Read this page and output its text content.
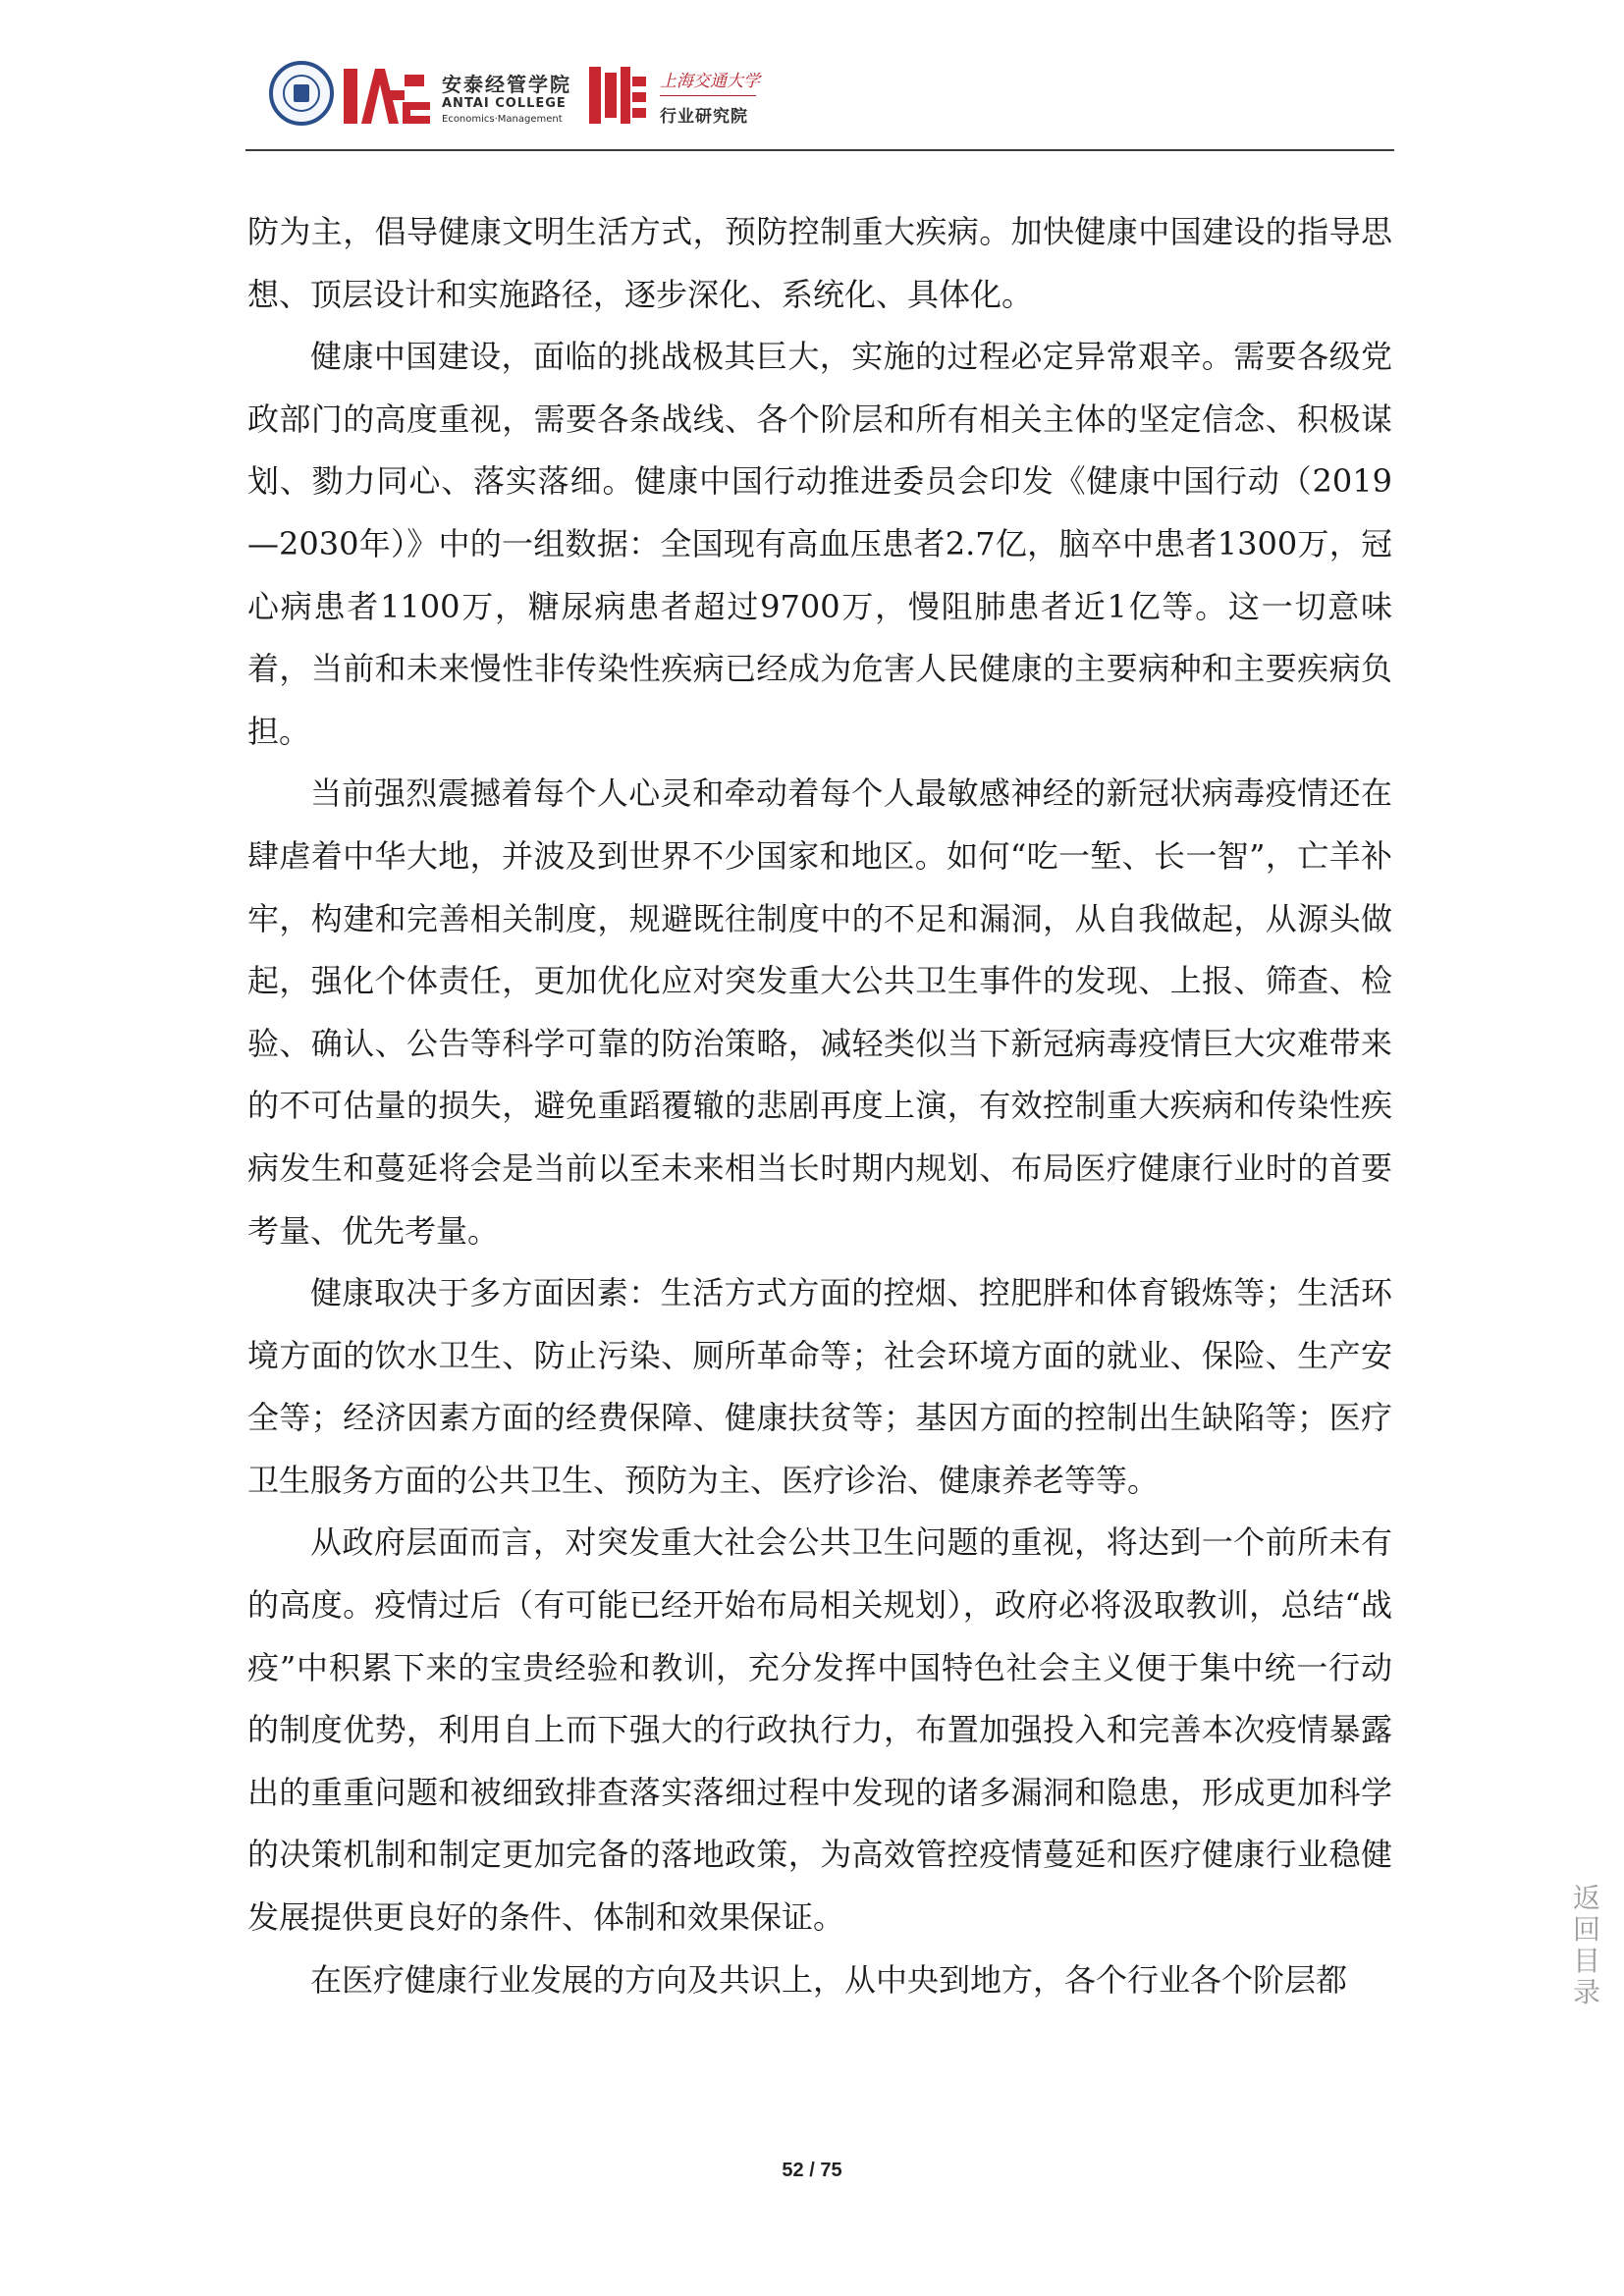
安泰经管学院
ANTAI COLLEGE
Economics·Management
上海交通大学
行业研究院

防为主，倡导健康文明生活方式，预防控制重大疾病。加快健康中国建设的指导思想、顶层设计和实施路径，逐步深化、系统化、具体化。

健康中国建设，面临的挑战极其巨大，实施的过程必定异常艰辛。需要各级党政部门的高度重视，需要各条战线、各个阶层和所有相关主体的坚定信念、积极谋划、勠力同心、落实落细。健康中国行动推进委员会印发《健康中国行动（2019—2030年）》中的一组数据：全国现有高血压患者2.7亿，脑卒中患者1300万，冠心病患者1100万，糖尿病患者超过9700万，慢阻肺患者近1亿等。这一切意味着，当前和未来慢性非传染性疾病已经成为危害人民健康的主要病种和主要疾病负担。

当前强烈震撼着每个人心灵和牵动着每个人最敏感神经的新冠状病毒疫情还在肆虐着中华大地，并波及到世界不少国家和地区。如何“吃一堑、长一智”，亡羊补牢，构建和完善相关制度，规避既往制度中的不足和漏洞，从自我做起，从源头做起，强化个体责任，更加优化应对突发重大公共卫生事件的发现、上报、筛查、检验、确认、公告等科学可靠的防治策略，减轻类似当下新冠病毒疫情巨大灾难带来的不可估量的损失，避免重蹈覆辙的悲剧再度上演，有效控制重大疾病和传染性疾病发生和蔓延将会是当前以至未来相当长时期内规划、布局医疗健康行业时的首要考量、优先考量。

健康取决于多方面因素：生活方式方面的控烟、控肥胖和体育锻炼等；生活环境方面的饮水卫生、防止污染、厕所革命等；社会环境方面的就业、保险、生产安全等；经济因素方面的经费保障、健康扶贫等；基因方面的控制出生缺陷等；医疗卫生服务方面的公共卫生、预防为主、医疗诊治、健康养老等等。

从政府层面而言，对突发重大社会公共卫生问题的重视，将达到一个前所未有的高度。疫情过后（有可能已经开始布局相关规划），政府必将汲取教训，总结“战疫”中积累下来的宝贵经验和教训，充分发挥中国特色社会主义便于集中统一行动的制度优势，利用自上而下强大的行政执行力，布置加强投入和完善本次疫情暴露出的重重问题和被细致排查落实落细过程中发现的诸多漏洞和隐患，形成更加科学的决策机制和制定更加完备的落地政策，为高效管控疫情蔓延和医疗健康行业稳健发展提供更良好的条件、体制和效果保证。

在医疗健康行业发展的方向及共识上，从中央到地方，各个行业各个阶层都

返
回
目
录
52 / 75
